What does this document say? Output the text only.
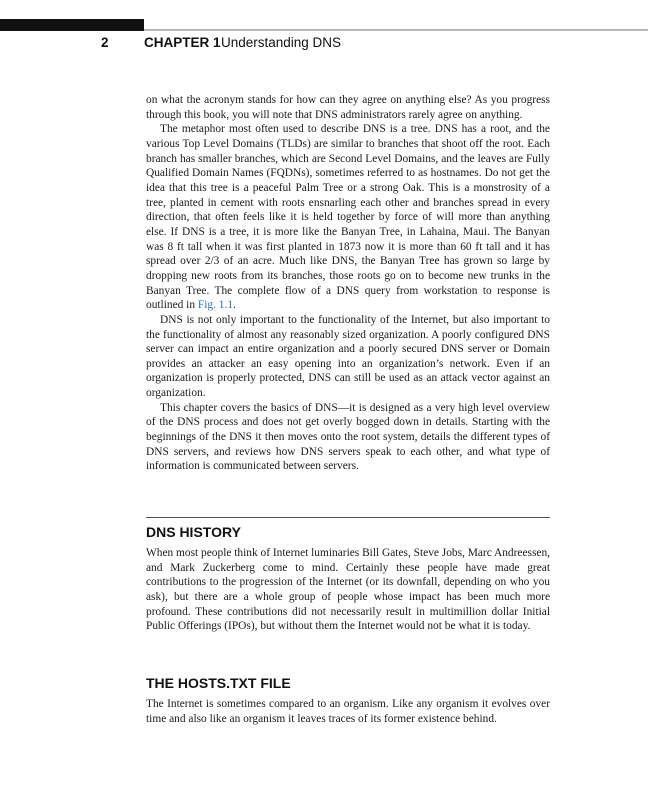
2	CHAPTER 1 Understanding DNS

on what the acronym stands for how can they agree on anything else? As you progress through this book, you will note that DNS administrators rarely agree on anything.

The metaphor most often used to describe DNS is a tree. DNS has a root, and the various Top Level Domains (TLDs) are similar to branches that shoot off the root. Each branch has smaller branches, which are Second Level Domains, and the leaves are Fully Qualified Domain Names (FQDNs), sometimes referred to as hostnames. Do not get the idea that this tree is a peaceful Palm Tree or a strong Oak. This is a monstrosity of a tree, planted in cement with roots ensnarling each other and branches spread in every direction, that often feels like it is held together by force of will more than anything else. If DNS is a tree, it is more like the Banyan Tree, in Lahaina, Maui. The Banyan was 8 ft tall when it was first planted in 1873 now it is more than 60 ft tall and it has spread over 2/3 of an acre. Much like DNS, the Banyan Tree has grown so large by dropping new roots from its branches, those roots go on to become new trunks in the Banyan Tree. The complete flow of a DNS query from workstation to response is outlined in Fig. 1.1.

DNS is not only important to the functionality of the Internet, but also important to the functionality of almost any reasonably sized organization. A poorly configured DNS server can impact an entire organization and a poorly secured DNS server or Domain provides an attacker an easy opening into an organization’s network. Even if an organization is properly protected, DNS can still be used as an attack vector against an organization.

This chapter covers the basics of DNS—it is designed as a very high level overview of the DNS process and does not get overly bogged down in details. Starting with the beginnings of the DNS it then moves onto the root system, details the different types of DNS servers, and reviews how DNS servers speak to each other, and what type of information is communicated between servers.

DNS HISTORY

When most people think of Internet luminaries Bill Gates, Steve Jobs, Marc Andreessen, and Mark Zuckerberg come to mind. Certainly these people have made great contributions to the progression of the Internet (or its downfall, depending on who you ask), but there are a whole group of people whose impact has been much more profound. These contributions did not necessarily result in multimillion dollar Initial Public Offerings (IPOs), but without them the Internet would not be what it is today.

THE HOSTS.TXT FILE

The Internet is sometimes compared to an organism. Like any organism it evolves over time and also like an organism it leaves traces of its former existence behind.
